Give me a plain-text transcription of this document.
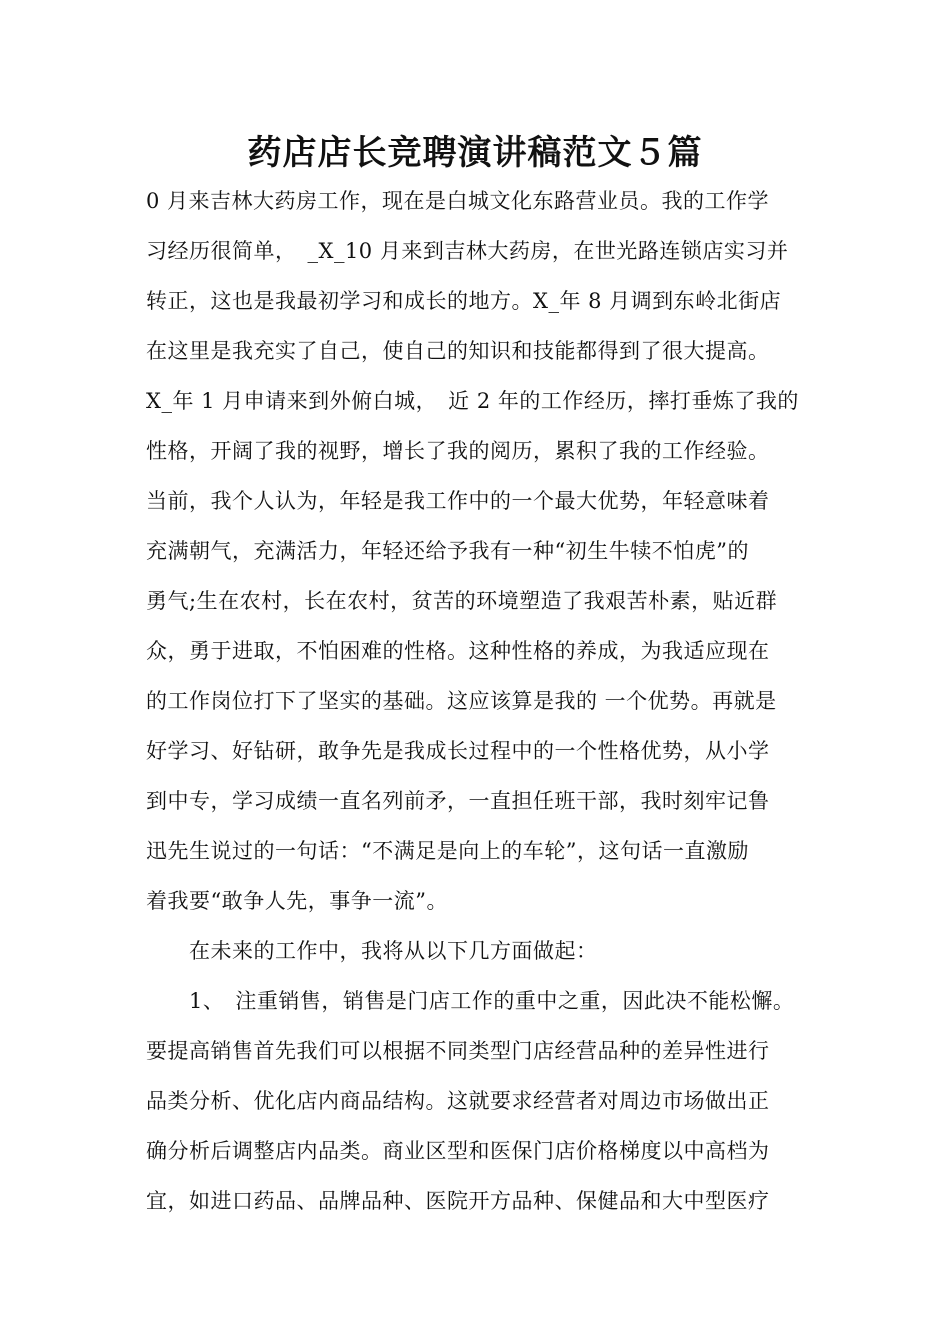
药店店长竞聘演讲稿范文５篇
0 月来吉林大药房工作，现在是白城文化东路营业员。我的工作学
习经历很简单，　_X_10 月来到吉林大药房，在世光路连锁店实习并
转正，这也是我最初学习和成长的地方。X_年 8 月调到东岭北街店
在这里是我充实了自己，使自己的知识和技能都得到了很大提高。
X_年 1 月申请来到外俯白城，　近 2 年的工作经历，摔打垂炼了我的
性格，开阔了我的视野，增长了我的阅历，累积了我的工作经验。
当前，我个人认为，年轻是我工作中的一个最大优势，年轻意味着
充满朝气，充满活力，年轻还给予我有一种“初生牛犊不怕虎”的
勇气;生在农村，长在农村，贫苦的环境塑造了我艰苦朴素，贴近群
众，勇于进取，不怕困难的性格。这种性格的养成，为我适应现在
的工作岗位打下了坚实的基础。这应该算是我的 一个优势。再就是
好学习、好钻研，敢争先是我成长过程中的一个性格优势，从小学
到中专，学习成绩一直名列前矛，一直担任班干部，我时刻牢记鲁
迅先生说过的一句话：“不满足是向上的车轮”，这句话一直激励
着我要“敢争人先，事争一流”。
在未来的工作中，我将从以下几方面做起：
1、　注重销售，销售是门店工作的重中之重，因此决不能松懈。
要提高销售首先我们可以根据不同类型门店经营品种的差异性进行
品类分析、优化店内商品结构。这就要求经营者对周边市场做出正
确分析后调整店内品类。商业区型和医保门店价格梯度以中高档为
宜，如进口药品、品牌品种、医院开方品种、保健品和大中型医疗
